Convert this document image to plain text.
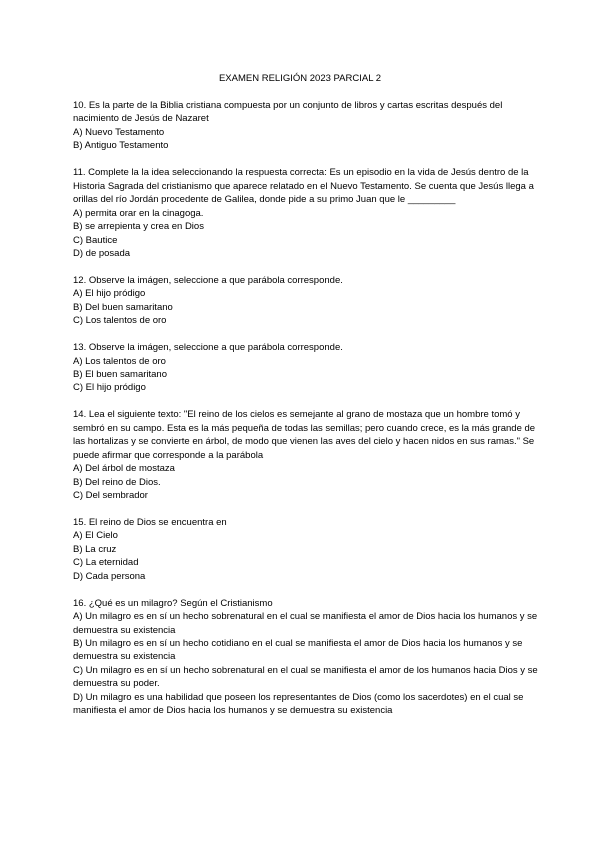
EXAMEN RELIGIÓN 2023 PARCIAL 2

10. Es la parte de la Biblia cristiana compuesta por un conjunto de libros y cartas escritas después del nacimiento de Jesús de Nazaret

A) Nuevo Testamento

B) Antiguo Testamento

11. Complete la la idea seleccionando la respuesta correcta: Es un episodio en la vida de Jesús dentro de la Historia Sagrada del cristianismo que aparece relatado en el Nuevo Testamento. Se cuenta que Jesús llega a orillas del río Jordán procedente de Galilea, donde pide a su primo Juan que le _________

A) permita orar en la cinagoga.

B) se arrepienta y crea en Dios

C) Bautice

D) de posada

12. Observe la imágen, seleccione a que parábola corresponde.

A) El hijo pródigo

B) Del buen samaritano

C) Los talentos de oro

13. Observe la imágen, seleccione a que parábola corresponde.

A) Los talentos de oro

B) El buen samaritano

C) El hijo pródigo

14. Lea el siguiente texto: "El reino de los cielos es semejante al grano de mostaza que un hombre tomó y sembró en su campo. Esta es la más pequeña de todas las semillas; pero cuando crece, es la más grande de las hortalizas y se convierte en árbol, de modo que vienen las aves del cielo y hacen nidos en sus ramas." Se puede afirmar que corresponde a la parábola

A) Del árbol de mostaza

B) Del reino de Dios.

C) Del sembrador

15. El reino de Dios se encuentra en

A) El Cielo

B) La cruz

C) La eternidad

D) Cada persona

16. ¿Qué es un milagro? Según el Cristianismo

A) Un milagro es en sí un hecho sobrenatural en el cual se manifiesta el amor de Dios hacia los humanos y se demuestra su existencia

B) Un milagro es en sí un hecho cotidiano en el cual se manifiesta el amor de Dios hacia los humanos y se demuestra su existencia

C) Un milagro es en sí un hecho sobrenatural en el cual se manifiesta el amor de los humanos hacia Dios y se demuestra su poder.

D) Un milagro es una habilidad que poseen los representantes de Dios (como los sacerdotes) en el cual se manifiesta el amor de Dios hacia los humanos y se demuestra su existencia
